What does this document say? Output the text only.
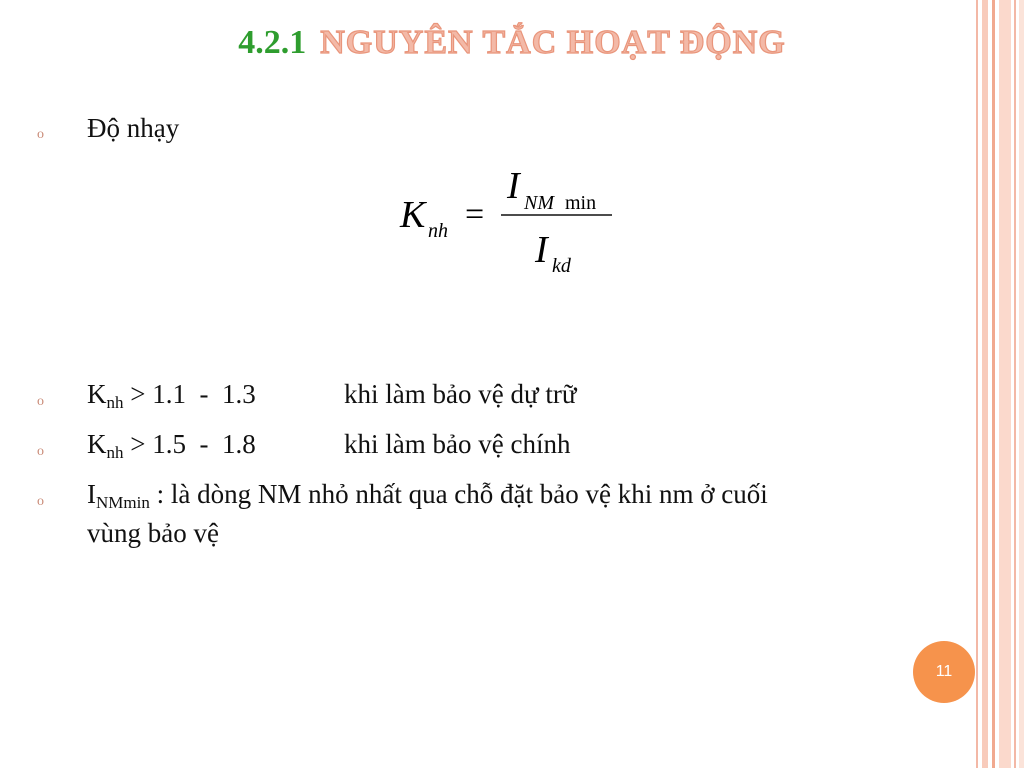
4.2.1 NGUYÊN TẮC HOẠT ĐỘNG
o Độ nhạy
K nh =
I NM min
I kd
o $K_{nh} > 1.1 - 1.3$	khi làm bảo vệ dự trữ
o $K_{nh} > 1.5 - 1.8$	khi làm bảo vệ chính
o $I_{NMmin}$ : là dòng NM nhỏ nhất qua chỗ đặt bảo vệ khi nm ở cuối
vùng bảo vệ
11
